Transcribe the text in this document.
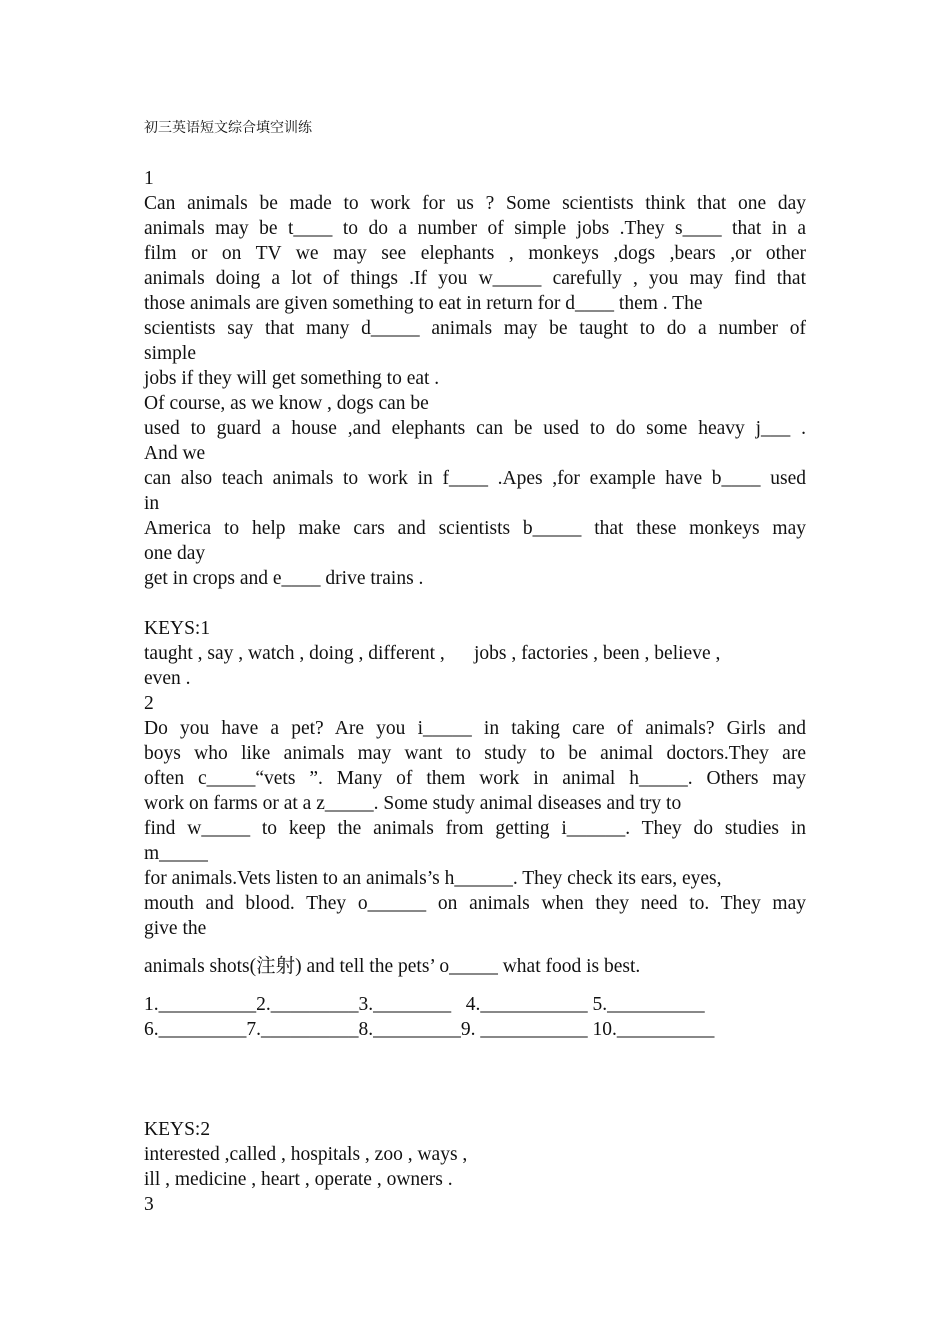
初三英语短文综合填空训练
1
Can animals be made to work for us ? Some scientists think that one day
animals may be t____ to do a number of simple jobs .They s____ that in a
film or on TV we may see elephants , monkeys ,dogs ,bears ,or other
animals doing a lot of things .If you w_____ carefully , you may find that
those animals are given something to eat in return for d____ them . The
scientists say that many d_____ animals may be taught to do a number of
simple
jobs if they will get something to eat .
Of course, as we know , dogs can be
used to guard a house ,and elephants can be used to do some heavy j___ .
And we
can also teach animals to work in f____ .Apes ,for example have b____ used
in
America to help make cars and scientists b_____ that these monkeys may
one day
get in crops and e____ drive trains .
KEYS:1
taught , say , watch , doing , different ,      jobs , factories , been , believe ,
even .
2
Do you have a pet? Are you i_____ in taking care of animals? Girls and
boys who like animals may want to study to be animal doctors.They are
often c_____“vets ”. Many of them work in animal h_____. Others may
work on farms or at a z_____. Some study animal diseases and try to
find w_____ to keep the animals from getting i______. They do studies in
m_____
for animals.Vets listen to an animals’s h______. They check its ears, eyes,
mouth and blood. They o______ on animals when they need to. They may
give the
animals shots(注射) and tell the pets’ o_____ what food is best.
1.__________2._________3.________   4.___________ 5.__________
6._________7.__________8._________9. ___________ 10.__________
KEYS:2
interested ,called , hospitals , zoo , ways ,
ill , medicine , heart , operate , owners .
3
